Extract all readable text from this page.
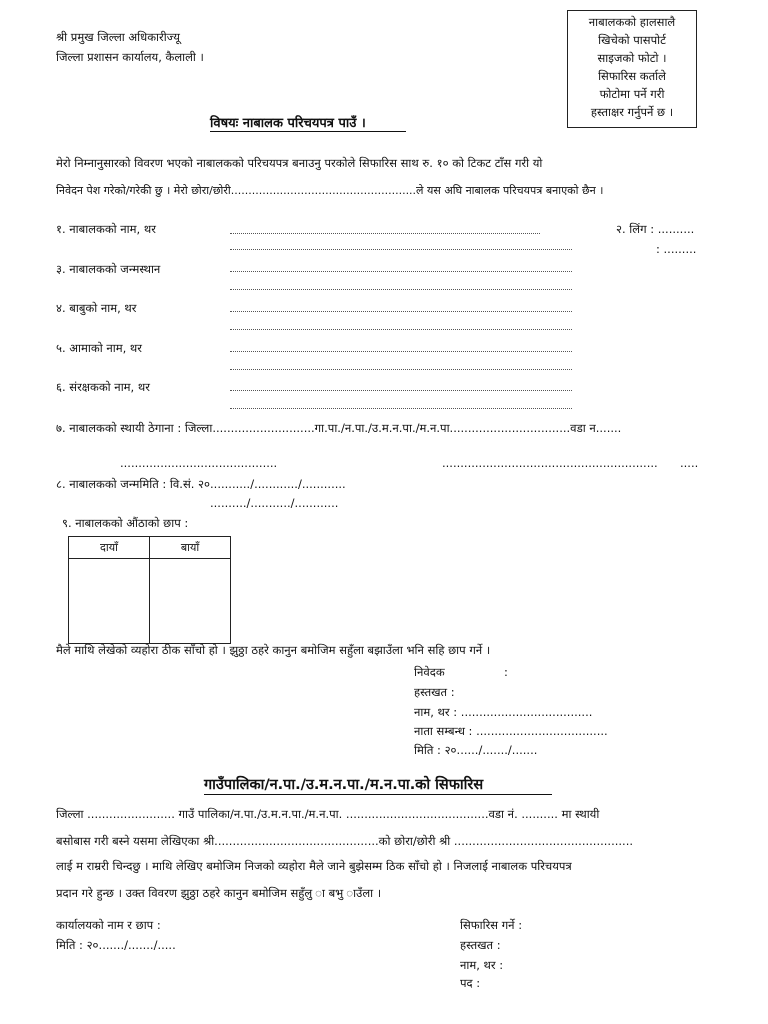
श्री प्रमुख जिल्ला अधिकारीज्यू
जिल्ला प्रशासन कार्यालय, कैलाली ।
नाबालकको हालसालै
खिचेको पासपोर्ट
साइजको फोटो ।
सिफारिस कर्ताले
फोटोमा पर्ने गरी
हस्ताक्षर गर्नुपर्ने छ ।
विषयः नाबालक परिचयपत्र पाउँ ।
मेरो निम्नानुसारको विवरण भएको नाबालकको परिचयपत्र बनाउनु परकोले सिफारिस साथ रु. १० को टिकट टाँस गरी यो
निवेदन पेश गरेको/गरेकी छु । मेरो छोरा/छोरी.....................................................ले यस अघि नाबालक परिचयपत्र बनाएको छैन ।
१. नाबालकको नाम, थर	२. लिंग : ..........
: .........
३. नाबालकको जन्मस्थान
४. बाबुको नाम, थर
५. आमाको नाम, थर
६. संरक्षकको नाम, थर
७. नाबालकको स्थायी ठेगाना : जिल्ला............................गा.पा./न.पा./उ.म.न.पा./म.न.पा.................................वडा न.......
...........................................	........................................................... .....
८. नाबालकको जन्ममिति : वि.सं. २०.........../............/............
........../.........../............
९. नाबालकको औंठाको छाप :
दायाँ	बायाँ

मैले माथि लेखेको व्यहोरा ठीक साँचो हो । झुठ्ठा ठहरे कानुन बमोजिम सहुँला बझाउँला भनि सहि छाप गर्ने ।
निवेदक	:
हस्तखत :
नाम, थर : ....................................
नाता सम्बन्ध : ....................................
मिति : २०....../......./.......
गाउँपालिका/न.पा./उ.म.न.पा./म.न.पा.को सिफारिस
जिल्ला ........................ गाउँ पालिका/न.पा./उ.म.न.पा./म.न.पा. .......................................वडा नं. .......... मा स्थायी
बसोबास गरी बस्ने यसमा लेखिएका श्री.............................................को छोरा/छोरी श्री .................................................
लाई म राम्ररी चिन्दछु । माथि लेखिए बमोजिम निजको व्यहोरा मैले जाने बुझेसम्म ठिक साँचो हो । निजलाई नाबालक परिचयपत्र
प्रदान गरे हुन्छ । उक्त विवरण झुठ्ठा ठहरे कानुन बमोजिम सहुँलु ा बभु ाउँला ।
कार्यालयको नाम र छाप :
मिति : २०......./......./.....
सिफारिस गर्ने :
हस्तखत :
नाम, थर :
पद :
